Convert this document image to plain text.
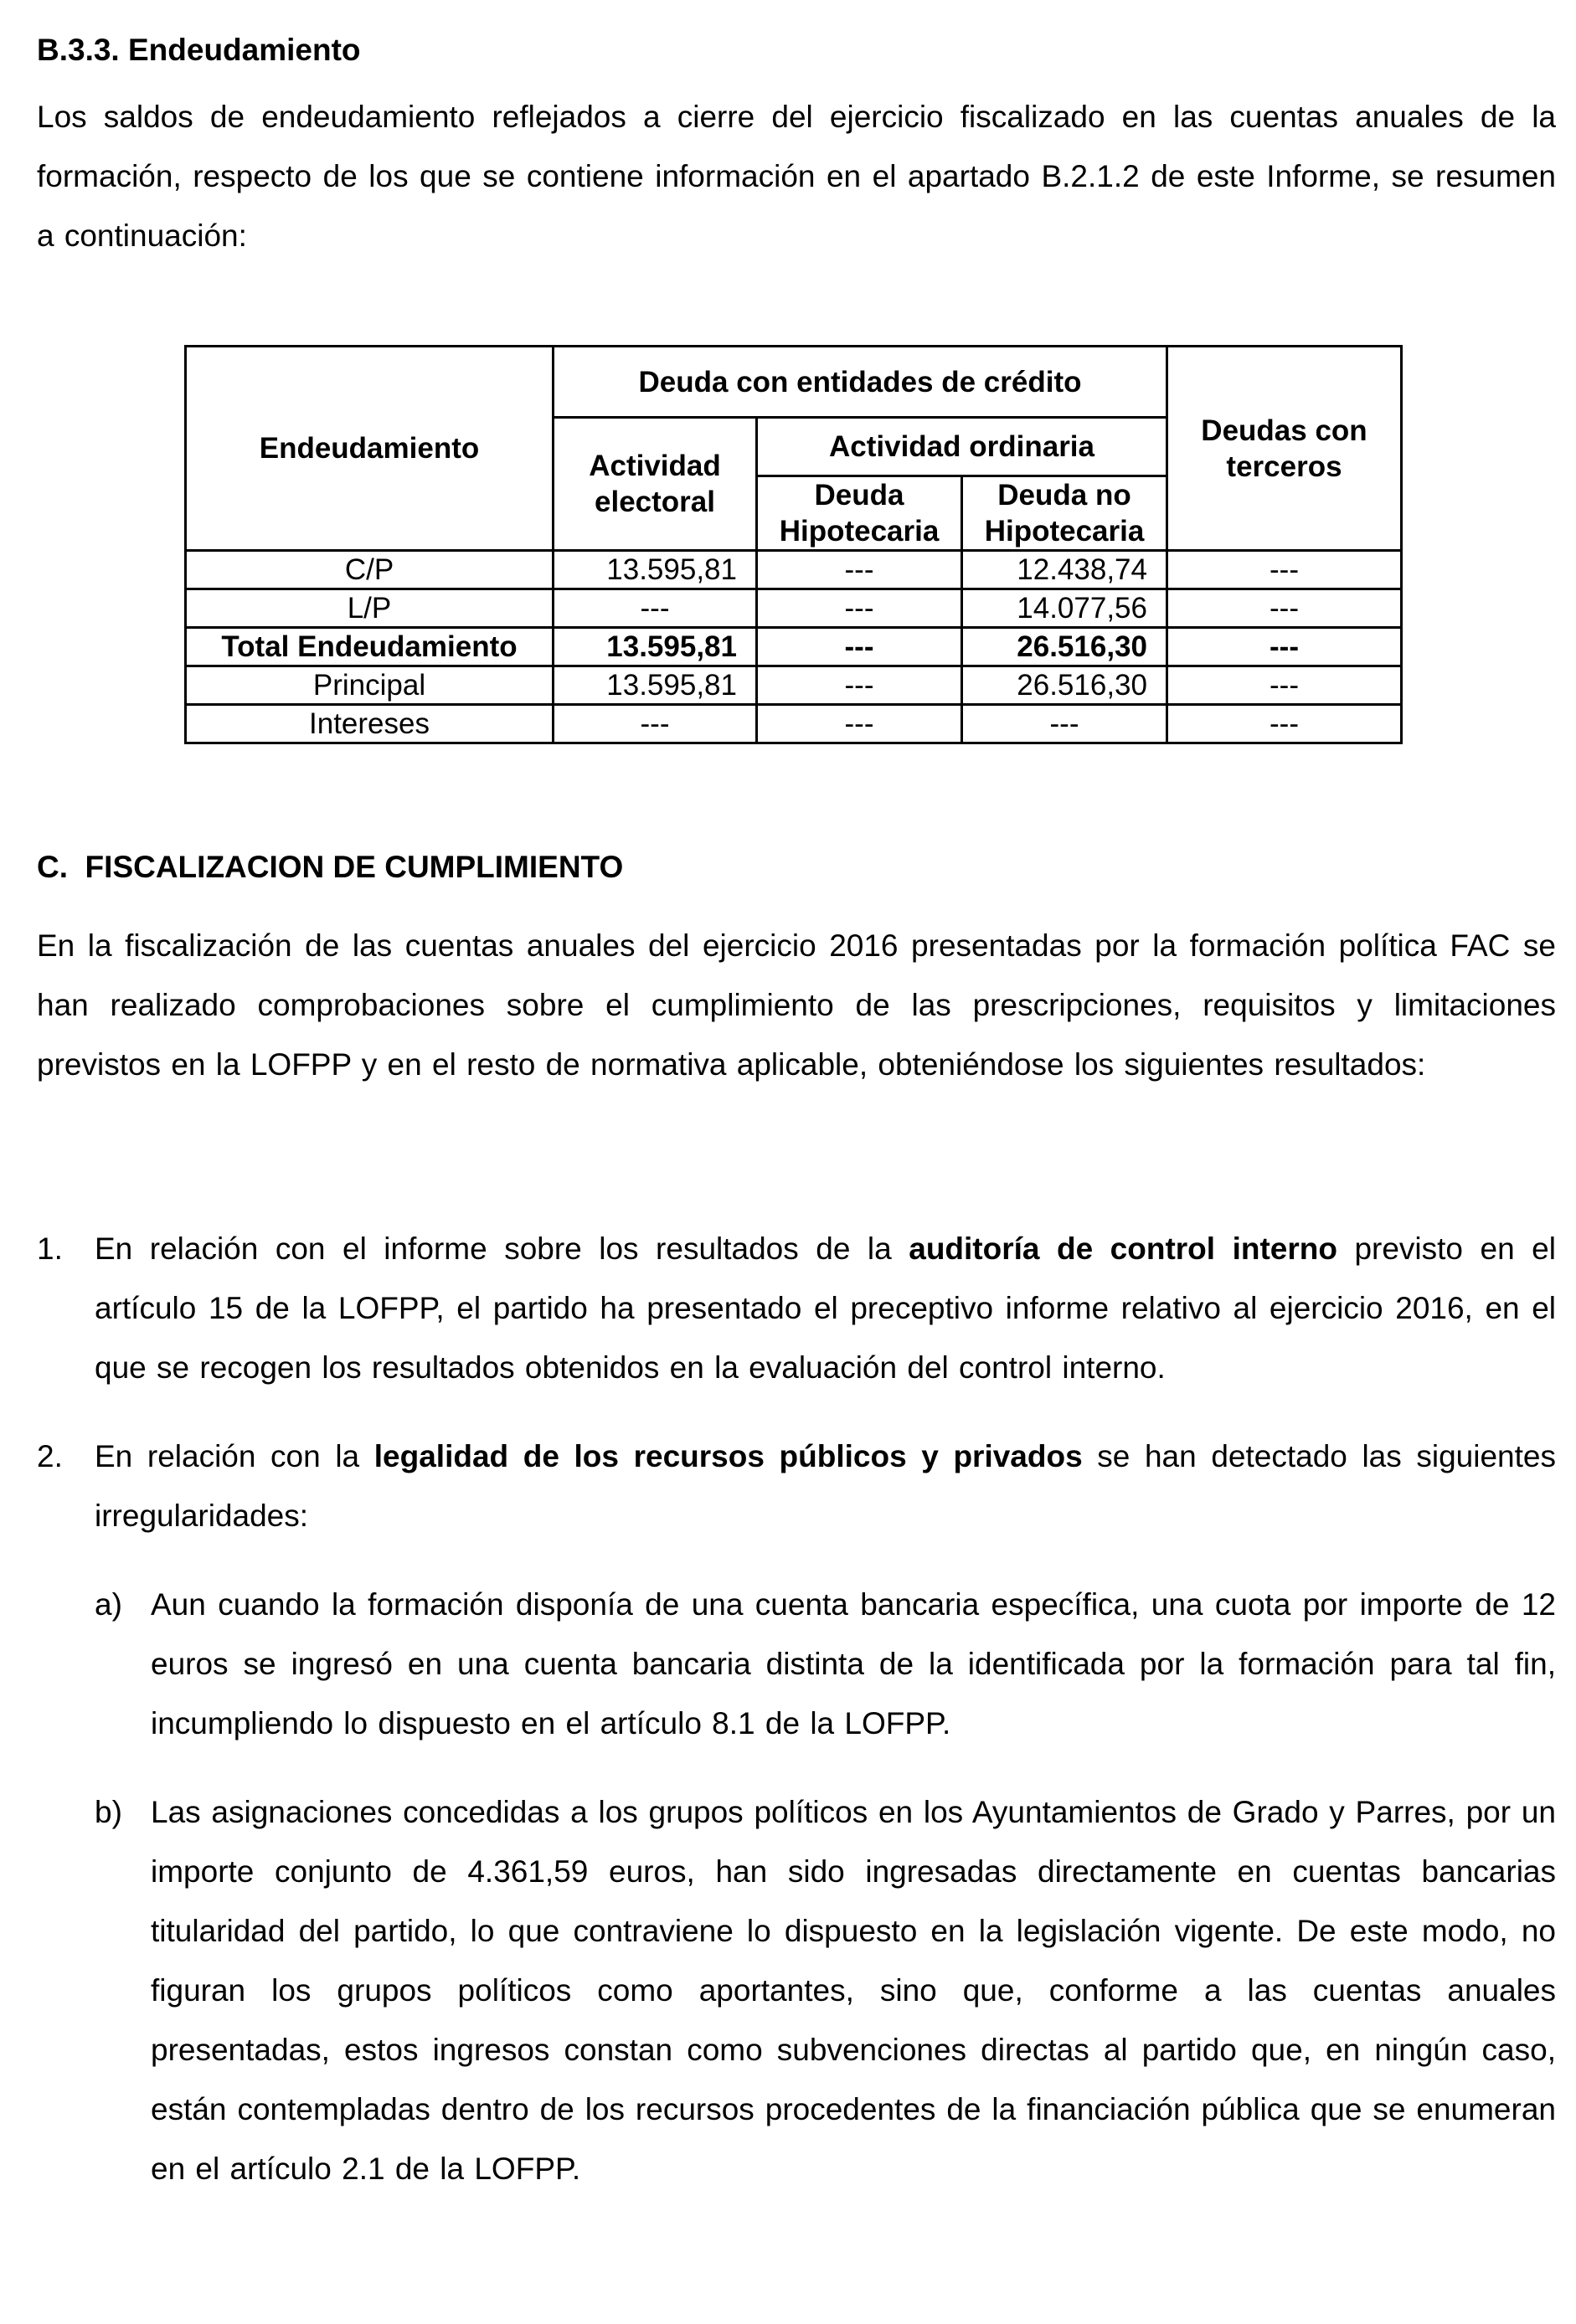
B.3.3. Endeudamiento

Los saldos de endeudamiento reflejados a cierre del ejercicio fiscalizado en las cuentas anuales de la formación, respecto de los que se contiene información en el apartado B.2.1.2 de este Informe, se resumen a continuación:

Endeudamiento	Deuda con entidades de crédito			Deudas con terceros
	Actividad electoral	Actividad ordinaria		
		Deuda Hipotecaria	Deuda no Hipotecaria	
C/P	13.595,81	---	12.438,74	---
L/P	---	---	14.077,56	---
Total Endeudamiento	13.595,81	---	26.516,30	---
Principal	13.595,81	---	26.516,30	---
Intereses	---	---	---	---
C.  FISCALIZACION DE CUMPLIMIENTO

En la fiscalización de las cuentas anuales del ejercicio 2016 presentadas por la formación política FAC se han realizado comprobaciones sobre el cumplimiento de las prescripciones, requisitos y limitaciones previstos en la LOFPP y en el resto de normativa aplicable, obteniéndose los siguientes resultados:

1. En relación con el informe sobre los resultados de la auditoría de control interno previsto en el artículo 15 de la LOFPP, el partido ha presentado el preceptivo informe relativo al ejercicio 2016, en el que se recogen los resultados obtenidos en la evaluación del control interno.

2. En relación con la legalidad de los recursos públicos y privados se han detectado las siguientes irregularidades:

a) Aun cuando la formación disponía de una cuenta bancaria específica, una cuota por importe de 12 euros se ingresó en una cuenta bancaria distinta de la identificada por la formación para tal fin, incumpliendo lo dispuesto en el artículo 8.1 de la LOFPP.

b) Las asignaciones concedidas a los grupos políticos en los Ayuntamientos de Grado y Parres, por un importe conjunto de 4.361,59 euros, han sido ingresadas directamente en cuentas bancarias titularidad del partido, lo que contraviene lo dispuesto en la legislación vigente. De este modo, no figuran los grupos políticos como aportantes, sino que, conforme a las cuentas anuales presentadas, estos ingresos constan como subvenciones directas al partido que, en ningún caso, están contempladas dentro de los recursos procedentes de la financiación pública que se enumeran en el artículo 2.1 de la LOFPP.
